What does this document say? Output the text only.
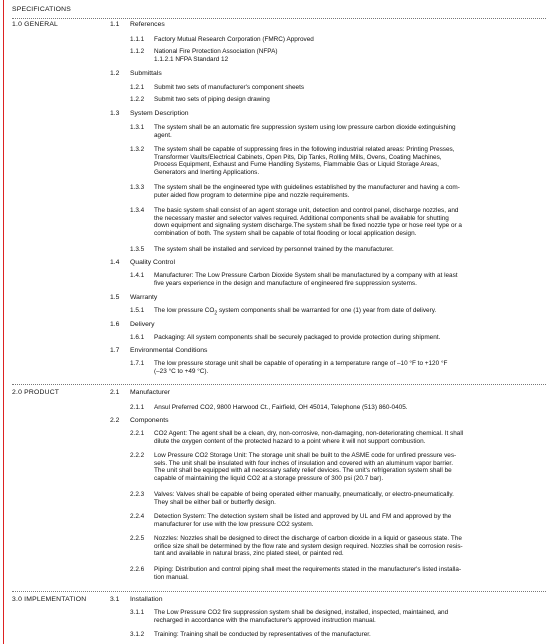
SPECIFICATIONS
1.0 GENERAL	1.1 References
1.1.1	Factory Mutual Research Corporation (FMRC) Approved
1.1.2	National Fire Protection Association (NFPA)
1.1.2.1 NFPA Standard 12
1.2 Submittals
1.2.1	Submit two sets of manufacturer's component sheets
1.2.2	Submit two sets of piping design drawing
1.3 System Description
1.3.1	The system shall be an automatic fire suppression system using low pressure carbon dioxide extinguishing
agent.
1.3.2	The system shall be capable of suppressing fires in the following industrial related areas: Printing Presses,
Transformer Vaults/Electrical Cabinets, Open Pits, Dip Tanks, Rolling Mills, Ovens, Coating Machines,
Process Equipment, Exhaust and Fume Handling Systems, Flammable Gas or Liquid Storage Areas,
Generators and Inerting Applications.
1.3.3	The system shall be the engineered type with guidelines established by the manufacturer and having a com-
puter aided flow program to determine pipe and nozzle requirements.
1.3.4	The basic system shall consist of an agent storage unit, detection and control panel, discharge nozzles, and
the necessary master and selector valves required. Additional components shall be available for shutting
down equipment and signaling system discharge.The system shall be fixed nozzle type or hose reel type or a
combination of both. The system shall be capable of total flooding or local application design.
1.3.5	The system shall be installed and serviced by personnel trained by the manufacturer.
1.4 Quality Control
1.4.1	Manufacturer: The Low Pressure Carbon Dioxide System shall be manufactured by a company with at least
five years experience in the design and manufacture of engineered fire suppression systems.
1.5 Warranty
1.5.1	The low pressure $CO_2$ system components shall be warranted for one (1) year from date of delivery.
1.6 Delivery
1.6.1	Packaging: All system components shall be securely packaged to provide protection during shipment.
1.7 Environmental Conditions
1.7.1	The low pressure storage unit shall be capable of operating in a temperature range of –10 °F to +120 °F
(–23 °C to +49 °C).
2.0 PRODUCT	2.1 Manufacturer
2.1.1	Ansul Preferred CO2, 9800 Harwood Ct., Fairfield, OH 45014, Telephone (513) 860-0405.
2.2 Components
2.2.1	CO2 Agent: The agent shall be a clean, dry, non-corrosive, non-damaging, non-deteriorating chemical. It shall
dilute the oxygen content of the protected hazard to a point where it will not support combustion.
2.2.2	Low Pressure CO2 Storage Unit: The storage unit shall be built to the ASME code for unfired pressure ves-
sels. The unit shall be insulated with four inches of insulation and covered with an aluminum vapor barrier.
The unit shall be equipped with all necessary safety relief devices. The unit's refrigeration system shall be
capable of maintaining the liquid CO2 at a storage pressure of 300 psi (20.7 bar).
2.2.3	Valves: Valves shall be capable of being operated either manually, pneumatically, or electro-pneumatically.
They shall be either ball or butterfly design.
2.2.4	Detection System: The detection system shall be listed and approved by UL and FM and approved by the
manufacturer for use with the low pressure CO2 system.
2.2.5	Nozzles: Nozzles shall be designed to direct the discharge of carbon dioxide in a liquid or gaseous state. The
orifice size shall be determined by the flow rate and system design required. Nozzles shall be corrosion resis-
tant and available in natural brass, zinc plated steel, or painted red.
2.2.6	Piping: Distribution and control piping shall meet the requirements stated in the manufacturer's listed installa-
tion manual.
3.0 IMPLEMENTATION	3.1 Installation
3.1.1	The Low Pressure CO2 fire suppression system shall be designed, installed, inspected, maintained, and
recharged in accordance with the manufacturer's approved instruction manual.
3.1.2	Training: Training shall be conducted by representatives of the manufacturer.
